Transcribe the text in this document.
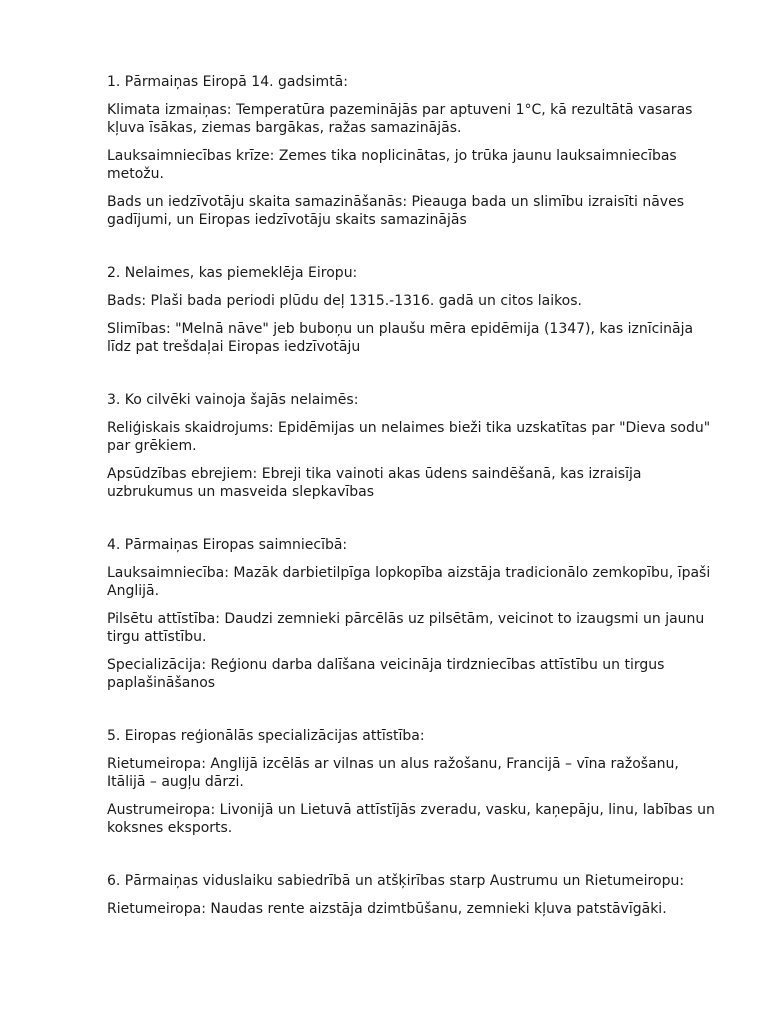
1. Pārmaiņas Eiropā 14. gadsimtā:
Klimata izmaiņas: Temperatūra pazeminājās par aptuveni 1°C, kā rezultātā vasaras kļuva īsākas, ziemas bargākas, ražas samazinājās.
Lauksaimniecības krīze: Zemes tika noplicinātas, jo trūka jaunu lauksaimniecības metožu.
Bads un iedzīvotāju skaita samazināšanās: Pieauga bada un slimību izraisīti nāves gadījumi, un Eiropas iedzīvotāju skaits samazinājās
2. Nelaimes, kas piemeklēja Eiropu:
Bads: Plaši bada periodi plūdu deļ 1315.-1316. gadā un citos laikos.
Slimības: "Melnā nāve" jeb buboņu un plaušu mēra epidēmija (1347), kas iznīcināja līdz pat trešdaļai Eiropas iedzīvotāju
3. Ko cilvēki vainoja šajās nelaimēs:
Reliģiskais skaidrojums: Epidēmijas un nelaimes bieži tika uzskatītas par "Dieva sodu" par grēkiem.
Apsūdzības ebrejiem: Ebreji tika vainoti akas ūdens saindēšanā, kas izraisīja uzbrukumus un masveida slepkavības
4. Pārmaiņas Eiropas saimniecībā:
Lauksaimniecība: Mazāk darbietilpīga lopkopība aizstāja tradicionālo zemkopību, īpaši Anglijā.
Pilsētu attīstība: Daudzi zemnieki pārcēlās uz pilsētām, veicinot to izaugsmi un jaunu tirgu attīstību.
Specializācija: Reģionu darba dalīšana veicināja tirdzniecības attīstību un tirgus paplašināšanos
5. Eiropas reģionālās specializācijas attīstība:
Rietumeiropa: Anglijā izcēlās ar vilnas un alus ražošanu, Francijā – vīna ražošanu, Itālijā – augļu dārzi.
Austrumeiropa: Livonijā un Lietuvā attīstījās zveradu, vasku, kaņepāju, linu, labības un koksnes eksports.
6. Pārmaiņas viduslaiku sabiedrībā un atšķirības starp Austrumu un Rietumeiropu:
Rietumeiropa: Naudas rente aizstāja dzimtbūšanu, zemnieki kļuva patstāvīgāki.
